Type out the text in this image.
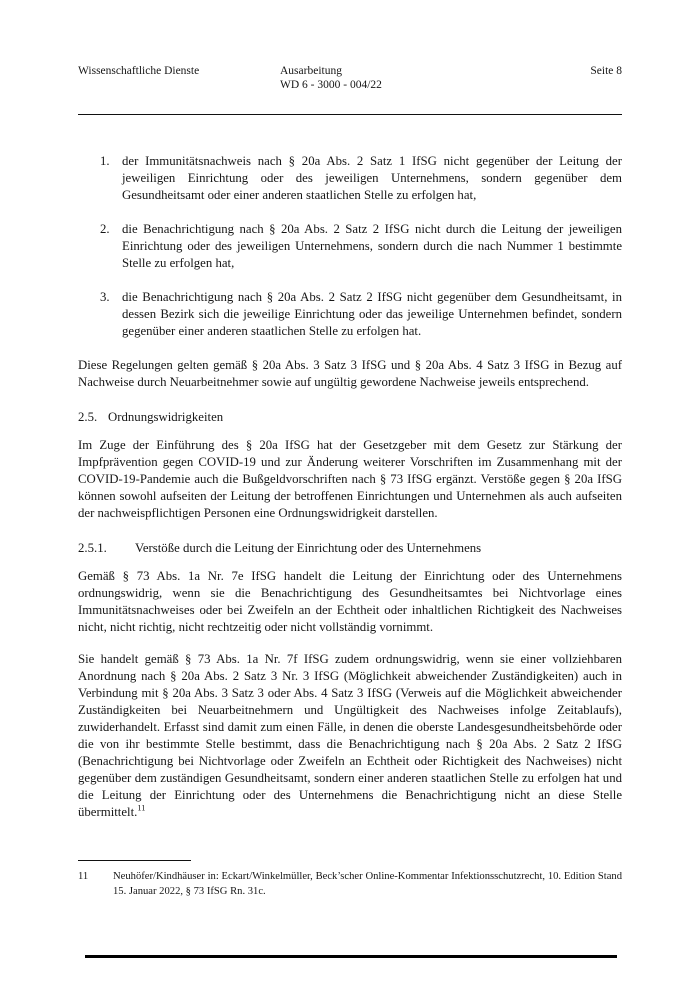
Wissenschaftliche Dienste	Ausarbeitung
WD 6 - 3000 - 004/22
Seite 8
1. der Immunitätsnachweis nach § 20a Abs. 2 Satz 1 IfSG nicht gegenüber der Leitung der jeweiligen Einrichtung oder des jeweiligen Unternehmens, sondern gegenüber dem Gesundheitsamt oder einer anderen staatlichen Stelle zu erfolgen hat,
2. die Benachrichtigung nach § 20a Abs. 2 Satz 2 IfSG nicht durch die Leitung der jeweiligen Einrichtung oder des jeweiligen Unternehmens, sondern durch die nach Nummer 1 bestimmte Stelle zu erfolgen hat,
3. die Benachrichtigung nach § 20a Abs. 2 Satz 2 IfSG nicht gegenüber dem Gesundheitsamt, in dessen Bezirk sich die jeweilige Einrichtung oder das jeweilige Unternehmen befindet, sondern gegenüber einer anderen staatlichen Stelle zu erfolgen hat.

Diese Regelungen gelten gemäß § 20a Abs. 3 Satz 3 IfSG und § 20a Abs. 4 Satz 3 IfSG in Bezug auf Nachweise durch Neuarbeitnehmer sowie auf ungültig gewordene Nachweise jeweils entsprechend.

2.5. Ordnungswidrigkeiten

Im Zuge der Einführung des § 20a IfSG hat der Gesetzgeber mit dem Gesetz zur Stärkung der Impfprävention gegen COVID-19 und zur Änderung weiterer Vorschriften im Zusammenhang mit der COVID-19-Pandemie auch die Bußgeldvorschriften nach § 73 IfSG ergänzt. Verstöße gegen § 20a IfSG können sowohl aufseiten der Leitung der betroffenen Einrichtungen und Unternehmen als auch aufseiten der nachweispflichtigen Personen eine Ordnungswidrigkeit darstellen.

2.5.1. Verstöße durch die Leitung der Einrichtung oder des Unternehmens

Gemäß § 73 Abs. 1a Nr. 7e IfSG handelt die Leitung der Einrichtung oder des Unternehmens ordnungswidrig, wenn sie die Benachrichtigung des Gesundheitsamtes bei Nichtvorlage eines Immunitätsnachweises oder bei Zweifeln an der Echtheit oder inhaltlichen Richtigkeit des Nachweises nicht, nicht richtig, nicht rechtzeitig oder nicht vollständig vornimmt.

Sie handelt gemäß § 73 Abs. 1a Nr. 7f IfSG zudem ordnungswidrig, wenn sie einer vollziehbaren Anordnung nach § 20a Abs. 2 Satz 3 Nr. 3 IfSG (Möglichkeit abweichender Zuständigkeiten) auch in Verbindung mit § 20a Abs. 3 Satz 3 oder Abs. 4 Satz 3 IfSG (Verweis auf die Möglichkeit abweichender Zuständigkeiten bei Neuarbeitnehmern und Ungültigkeit des Nachweises infolge Zeitablaufs), zuwiderhandelt. Erfasst sind damit zum einen Fälle, in denen die oberste Landesgesundheitsbehörde oder die von ihr bestimmte Stelle bestimmt, dass die Benachrichtigung nach § 20a Abs. 2 Satz 2 IfSG (Benachrichtigung bei Nichtvorlage oder Zweifeln an Echtheit oder Richtigkeit des Nachweises) nicht gegenüber dem zuständigen Gesundheitsamt, sondern einer anderen staatlichen Stelle zu erfolgen hat und die Leitung der Einrichtung oder des Unternehmens die Benachrichtigung nicht an diese Stelle übermittelt.$^{11}$

11	Neuhöfer/Kindhäuser in: Eckart/Winkelmüller, Beck’scher Online-Kommentar Infektionsschutzrecht, 10. Edition Stand 15. Januar 2022, § 73 IfSG Rn. 31c.
